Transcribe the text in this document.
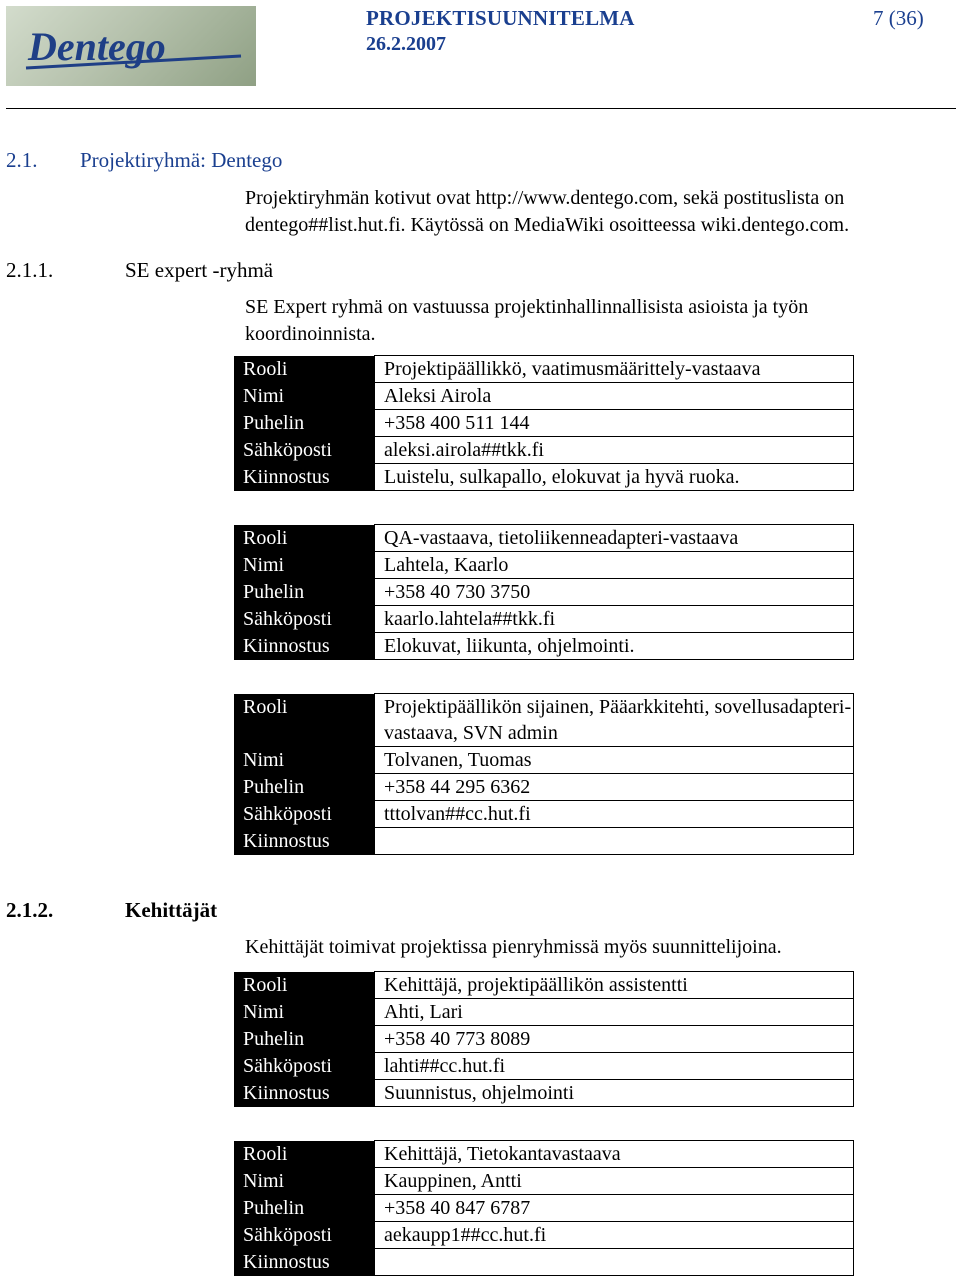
Dentego
PROJEKTISUUNNITELMA
26.2.2007
7 (36)
2.1. Projektiryhmä: Dentego
Projektiryhmän kotivut ovat http://www.dentego.com, sekä postituslista on dentego##list.hut.fi. Käytössä on MediaWiki osoitteessa wiki.dentego.com.
2.1.1.	SE expert -ryhmä
SE Expert ryhmä on vastuussa projektinhallinnallisista asioista ja työn koordinoinnista.
Rooli	Projektipäällikkö, vaatimusmäärittely-vastaava
Nimi	Aleksi Airola
Puhelin	+358 400 511 144
Sähköposti	aleksi.airola##tkk.fi
Kiinnostus	Luistelu, sulkapallo, elokuvat ja hyvä ruoka.
Rooli	QA-vastaava, tietoliikenneadapteri-vastaava
Nimi	Lahtela, Kaarlo
Puhelin	+358 40 730 3750
Sähköposti	kaarlo.lahtela##tkk.fi
Kiinnostus	Elokuvat, liikunta, ohjelmointi.
Rooli	Projektipäällikön sijainen, Pääarkkitehti, sovellusadapteri-vastaava, SVN admin
Nimi	Tolvanen, Tuomas
Puhelin	+358 44 295 6362
Sähköposti	tttolvan##cc.hut.fi
Kiinnostus	
2.1.2.	Kehittäjät
Kehittäjät toimivat projektissa pienryhmissä myös suunnittelijoina.
Rooli	Kehittäjä, projektipäällikön assistentti
Nimi	Ahti, Lari
Puhelin	+358 40 773 8089
Sähköposti	lahti##cc.hut.fi
Kiinnostus	Suunnistus, ohjelmointi
Rooli	Kehittäjä, Tietokantavastaava
Nimi	Kauppinen, Antti
Puhelin	+358 40 847 6787
Sähköposti	aekaupp1##cc.hut.fi
Kiinnostus	
